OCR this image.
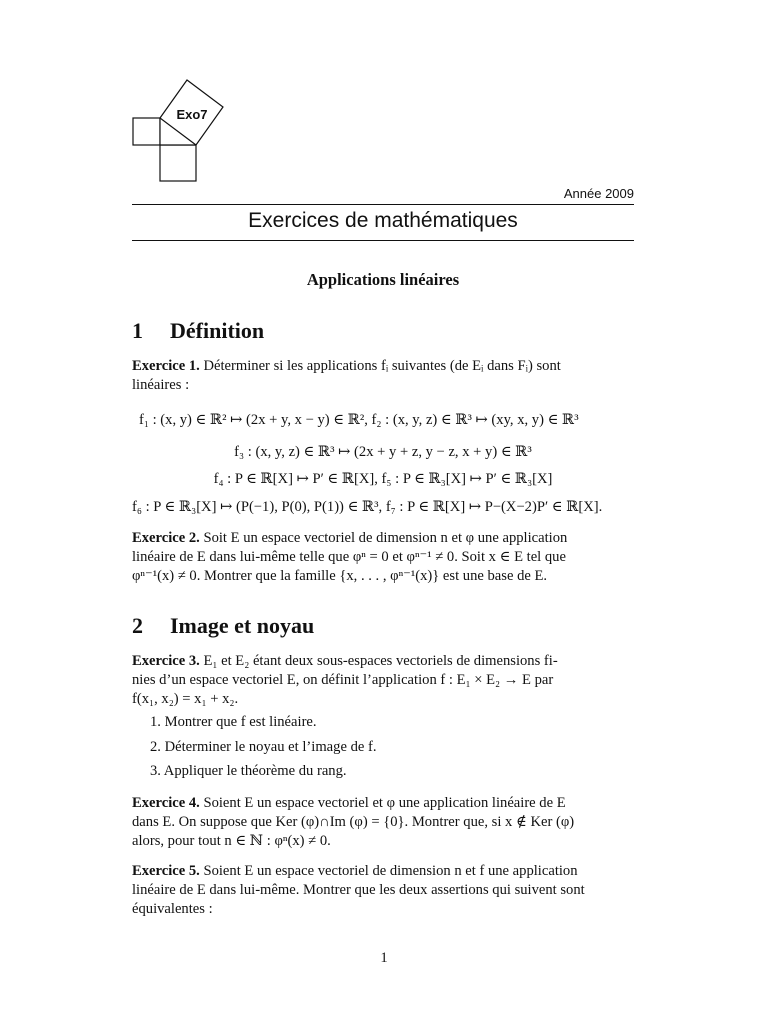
Exo7
Année 2009
Exercices de mathématiques
Applications linéaires
1 Définition
Exercice 1. Déterminer si les applications fᵢ suivantes (de Eᵢ dans Fᵢ) sont
linéaires :
f₁ : (x, y) ∈ ℝ² ↦ (2x + y, x − y) ∈ ℝ², f₂ : (x, y, z) ∈ ℝ³ ↦ (xy, x, y) ∈ ℝ³
f₃ : (x, y, z) ∈ ℝ³ ↦ (2x + y + z, y − z, x + y) ∈ ℝ³
f₄ : P ∈ ℝ[X] ↦ P′ ∈ ℝ[X], f₅ : P ∈ ℝ₃[X] ↦ P′ ∈ ℝ₃[X]
f₆ : P ∈ ℝ₃[X] ↦ (P(−1), P(0), P(1)) ∈ ℝ³, f₇ : P ∈ ℝ[X] ↦ P−(X−2)P′ ∈ ℝ[X].
Exercice 2. Soit E un espace vectoriel de dimension n et φ une application
linéaire de E dans lui-même telle que φⁿ = 0 et φⁿ⁻¹ ≠ 0. Soit x ∈ E tel que
φⁿ⁻¹(x) ≠ 0. Montrer que la famille {x, . . . , φⁿ⁻¹(x)} est une base de E.
2 Image et noyau
Exercice 3. E₁ et E₂ étant deux sous-espaces vectoriels de dimensions fi-
nies d’un espace vectoriel E, on définit l’application f : E₁ × E₂ → E par
f(x₁, x₂) = x₁ + x₂.
1. Montrer que f est linéaire.
2. Déterminer le noyau et l’image de f.
3. Appliquer le théorème du rang.
Exercice 4. Soient E un espace vectoriel et φ une application linéaire de E
dans E. On suppose que Ker (φ)∩Im (φ) = {0}. Montrer que, si x ∉ Ker (φ)
alors, pour tout n ∈ ℕ : φⁿ(x) ≠ 0.
Exercice 5. Soient E un espace vectoriel de dimension n et f une application
linéaire de E dans lui-même. Montrer que les deux assertions qui suivent sont
équivalentes :
1
